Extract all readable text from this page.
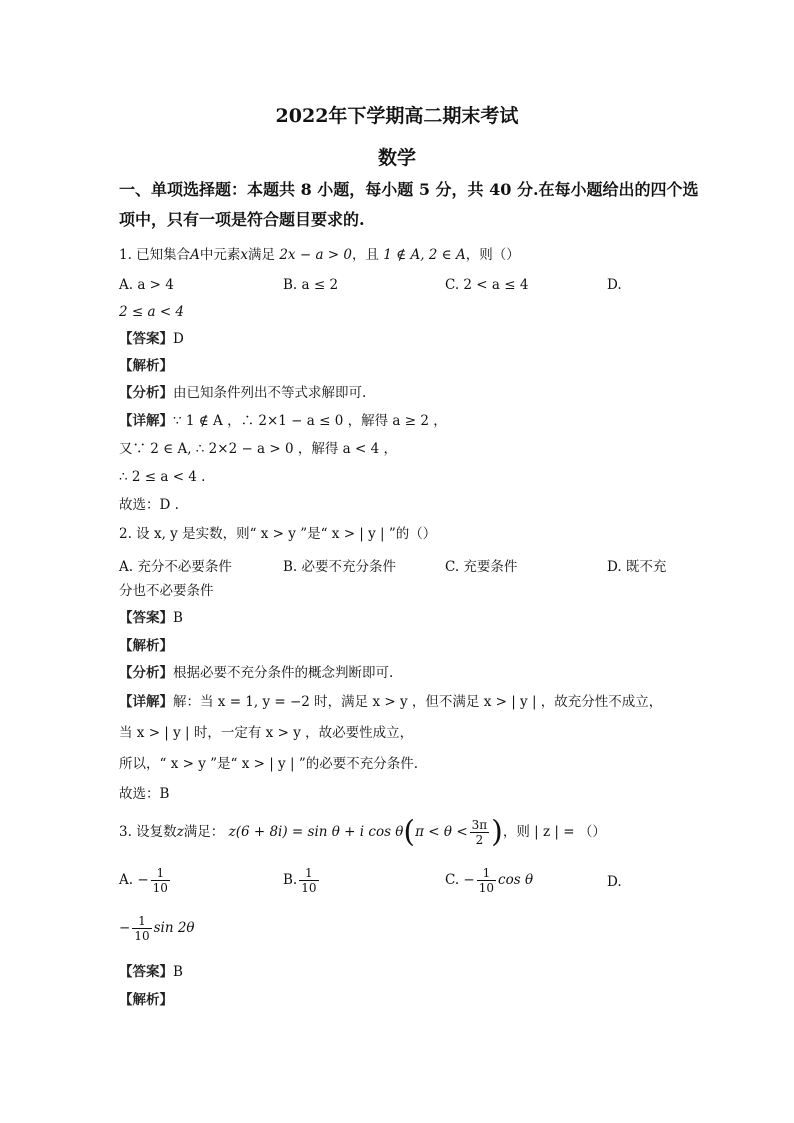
2022年下学期高二期末考试
数学
一、单项选择题：本题共 8 小题，每小题 5 分，共 40 分.在每小题给出的四个选
项中，只有一项是符合题目要求的.
1. 已知集合A中元素x满足 2x − a > 0，且 1 ∉ A, 2 ∈ A，则（）
A. a > 4	B. a ≤ 2	C. 2 < a ≤ 4	D.
2 ≤ a < 4
【答案】D
【解析】
【分析】由已知条件列出不等式求解即可.
【详解】∵ 1 ∉ A ，∴ 2×1 − a ≤ 0 ，解得 a ≥ 2 ，
又∵ 2 ∈ A, ∴ 2×2 − a > 0 ，解得 a < 4 ，
∴ 2 ≤ a < 4 .
故选：D .
2. 设 x, y 是实数，则“ x > y ”是“ x > | y | ”的（）
A. 充分不必要条件	B. 必要不充分条件	C. 充要条件	D. 既不充
分也不必要条件
【答案】B
【解析】
【分析】根据必要不充分条件的概念判断即可.
【详解】解：当 x = 1, y = −2 时，满足 x > y ，但不满足 x > | y | ，故充分性不成立，
当 x > | y | 时，一定有 x > y ，故必要性成立，
所以，“ x > y ”是“ x > | y | ”的必要不充分条件.
故选：B
3. 设复数z满足： z(6 + 8i) = sin θ + i $\cos \theta(\pi < \theta < \frac{3\pi}{2}$ )，则 | z | = （）
A. − $\frac{1}{10}$	B. $\frac{1}{10}$	C. − $\frac{1}{10}$ cos θ	D.
− $\frac{1}{10}$ sin 2θ
【答案】B
【解析】
